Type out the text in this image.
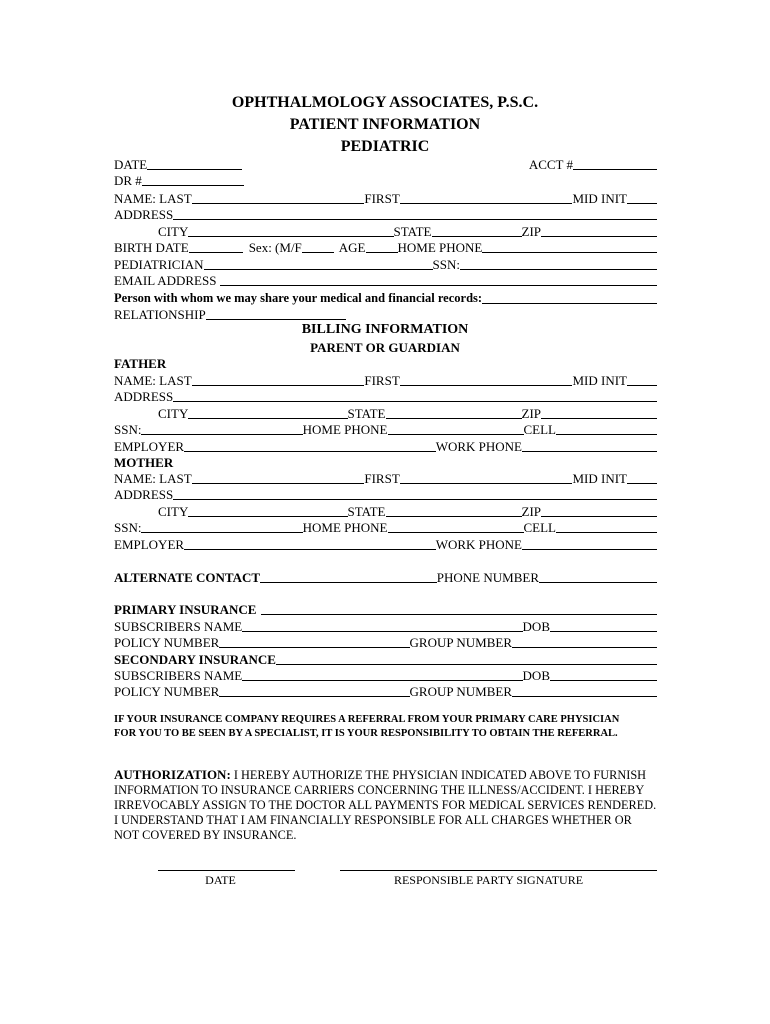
OPHTHALMOLOGY ASSOCIATES, P.S.C.
PATIENT INFORMATION
PEDIATRIC
DATE	ACCT #
DR #
NAME: LAST	FIRST	MID INIT
ADDRESS
CITY	STATE	ZIP
BIRTH DATE	Sex: (M/F	AGE HOME PHONE
PEDIATRICIAN	SSN:
EMAIL ADDRESS
Person with whom we may share your medical and financial records:
RELATIONSHIP
BILLING INFORMATION
PARENT OR GUARDIAN
FATHER
NAME: LAST	FIRST	MID INIT
ADDRESS
CITY	STATE	ZIP
SSN:	HOME PHONE	CELL
EMPLOYER	WORK PHONE
MOTHER
NAME: LAST	FIRST	MID INIT
ADDRESS
CITY	STATE	ZIP
SSN:	HOME PHONE	CELL
EMPLOYER	WORK PHONE
ALTERNATE CONTACT	PHONE NUMBER
PRIMARY INSURANCE
SUBSCRIBERS NAME	DOB
POLICY NUMBER	GROUP NUMBER
SECONDARY INSURANCE
SUBSCRIBERS NAME	DOB
POLICY NUMBER	GROUP NUMBER
IF YOUR INSURANCE COMPANY REQUIRES A REFERRAL FROM YOUR PRIMARY CARE PHYSICIAN FOR YOU TO BE SEEN BY A SPECIALIST, IT IS YOUR RESPONSIBILITY TO OBTAIN THE REFERRAL.
AUTHORIZATION: I HEREBY AUTHORIZE THE PHYSICIAN INDICATED ABOVE TO FURNISH INFORMATION TO INSURANCE CARRIERS CONCERNING THE ILLNESS/ACCIDENT. I HEREBY IRREVOCABLY ASSIGN TO THE DOCTOR ALL PAYMENTS FOR MEDICAL SERVICES RENDERED. I UNDERSTAND THAT I AM FINANCIALLY RESPONSIBLE FOR ALL CHARGES WHETHER OR NOT COVERED BY INSURANCE.
DATE	RESPONSIBLE PARTY SIGNATURE
